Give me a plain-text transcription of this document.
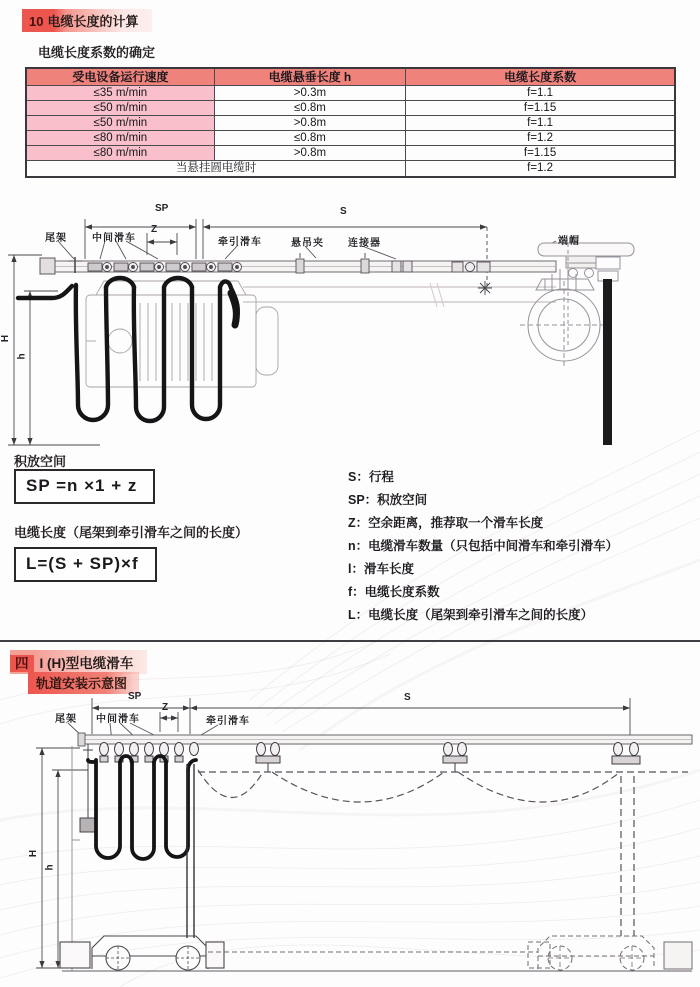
10 电缆长度的计算
电缆长度系数的确定
受电设备运行速度	电缆悬垂长度 h	电缆长度系数
≤35 m/min	>0.3m	f=1.1
≤50 m/min	≤0.8m	f=1.15
≤50 m/min	>0.8m	f=1.1
≤80 m/min	≤0.8m	f=1.2
≤80 m/min	>0.8m	f=1.15
当悬挂圆电缆时		f=1.2
SP	S
Z
H
h
尾架	中间滑车	牵引滑车	悬吊夹 连接器	端帽
积放空间
SP =n ×1 + z
电缆长度（尾架到牵引滑车之间的长度）
L=(S + SP)×f
S：行程
SP：积放空间
Z：空余距离，推荐取一个滑车长度
n：电缆滑车数量（只包括中间滑车和牵引滑车）
l：滑车长度
f：电缆长度系数
L：电缆长度（尾架到牵引滑车之间的长度）
四 I (H)型电缆滑车
轨道安装示意图
SP	S
Z
H
h
尾架 中间滑车	牵引滑车
